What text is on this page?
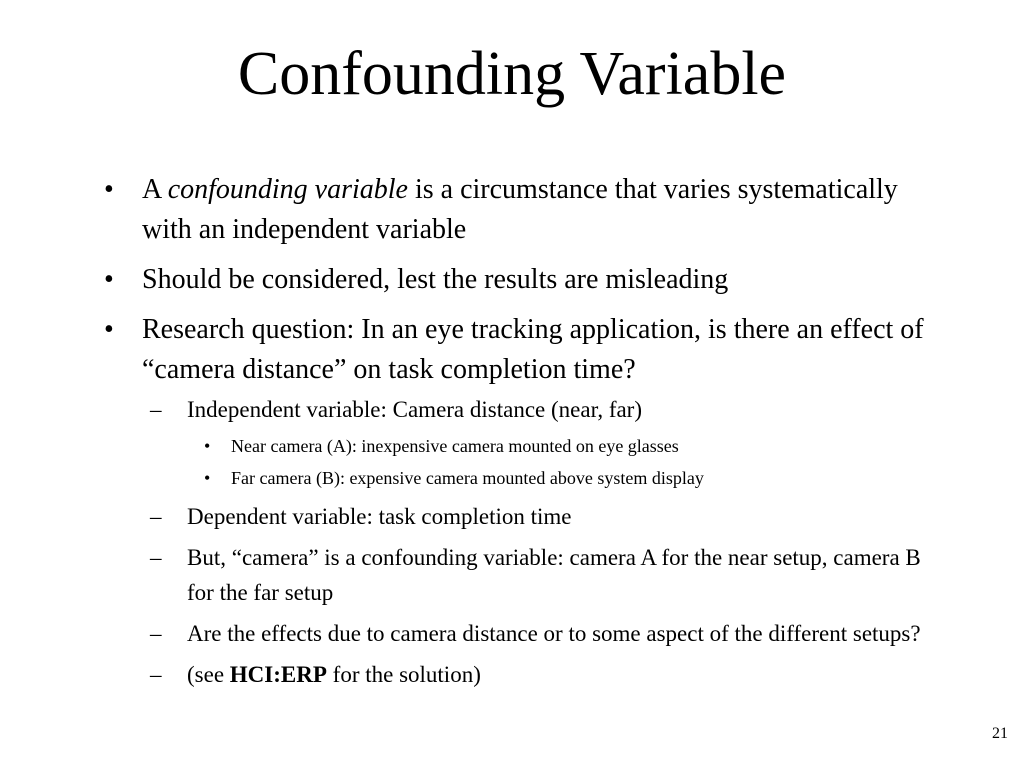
Confounding Variable
• A confounding variable is a circumstance that varies systematically with an independent variable
• Should be considered, lest the results are misleading
• Research question: In an eye tracking application, is there an effect of “camera distance” on task completion time?
– Independent variable: Camera distance (near, far)
• Near camera (A): inexpensive camera mounted on eye glasses
• Far camera (B): expensive camera mounted above system display
– Dependent variable: task completion time
– But, “camera” is a confounding variable: camera A for the near setup, camera B for the far setup
– Are the effects due to camera distance or to some aspect of the different setups?
– (see HCI:ERP for the solution)
21
